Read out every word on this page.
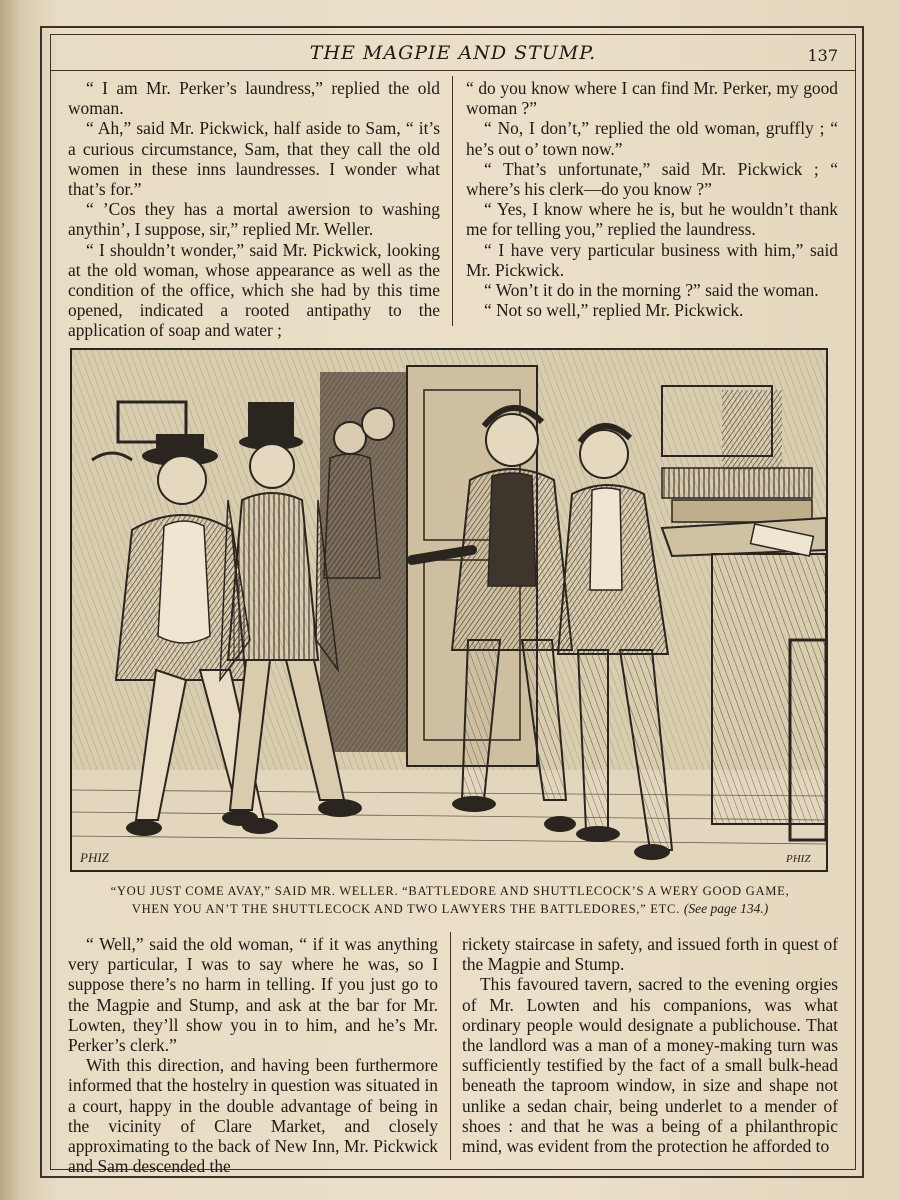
THE MAGPIE AND STUMP.	137

“ I am Mr. Perker’s laundress,” replied the old woman.

“ Ah,” said Mr. Pickwick, half aside to Sam, “ it’s a curious circumstance, Sam, that they call the old women in these inns laundresses. I wonder what that’s for.”

“ ’Cos they has a mortal awersion to washing anythin’, I suppose, sir,” replied Mr. Weller.

“ I shouldn’t wonder,” said Mr. Pickwick, looking at the old woman, whose appearance as well as the condition of the office, which she had by this time opened, indicated a rooted antipathy to the application of soap and water ;

“ do you know where I can find Mr. Perker, my good woman ?”

“ No, I don’t,” replied the old woman, gruffly ; “ he’s out o’ town now.”

“ That’s unfortunate,” said Mr. Pickwick ; “ where’s his clerk—do you know ?”

“ Yes, I know where he is, but he wouldn’t thank me for telling you,” replied the laundress.

“ I have very particular business with him,” said Mr. Pickwick.

“ Won’t it do in the morning ?” said the woman.

“ Not so well,” replied Mr. Pickwick.

PHIZ	PHIZ
“YOU JUST COME AVAY,” SAID MR. WELLER. “BATTLEDORE AND SHUTTLECOCK’S A WERY GOOD GAME,
VHEN YOU AN’T THE SHUTTLECOCK AND TWO LAWYERS THE BATTLEDORES,” ETC. (See page 134.)

“ Well,” said the old woman, “ if it was anything very particular, I was to say where he was, so I suppose there’s no harm in telling. If you just go to the Magpie and Stump, and ask at the bar for Mr. Lowten, they’ll show you in to him, and he’s Mr. Perker’s clerk.”

With this direction, and having been furthermore informed that the hostelry in question was situated in a court, happy in the double advantage of being in the vicinity of Clare Market, and closely approximating to the back of New Inn, Mr. Pickwick and Sam descended the

rickety staircase in safety, and issued forth in quest of the Magpie and Stump.

This favoured tavern, sacred to the evening orgies of Mr. Lowten and his companions, was what ordinary people would designate a publichouse. That the landlord was a man of a money-making turn was sufficiently testified by the fact of a small bulk-head beneath the taproom window, in size and shape not unlike a sedan chair, being underlet to a mender of shoes : and that he was a being of a philanthropic mind, was evident from the protection he afforded to
